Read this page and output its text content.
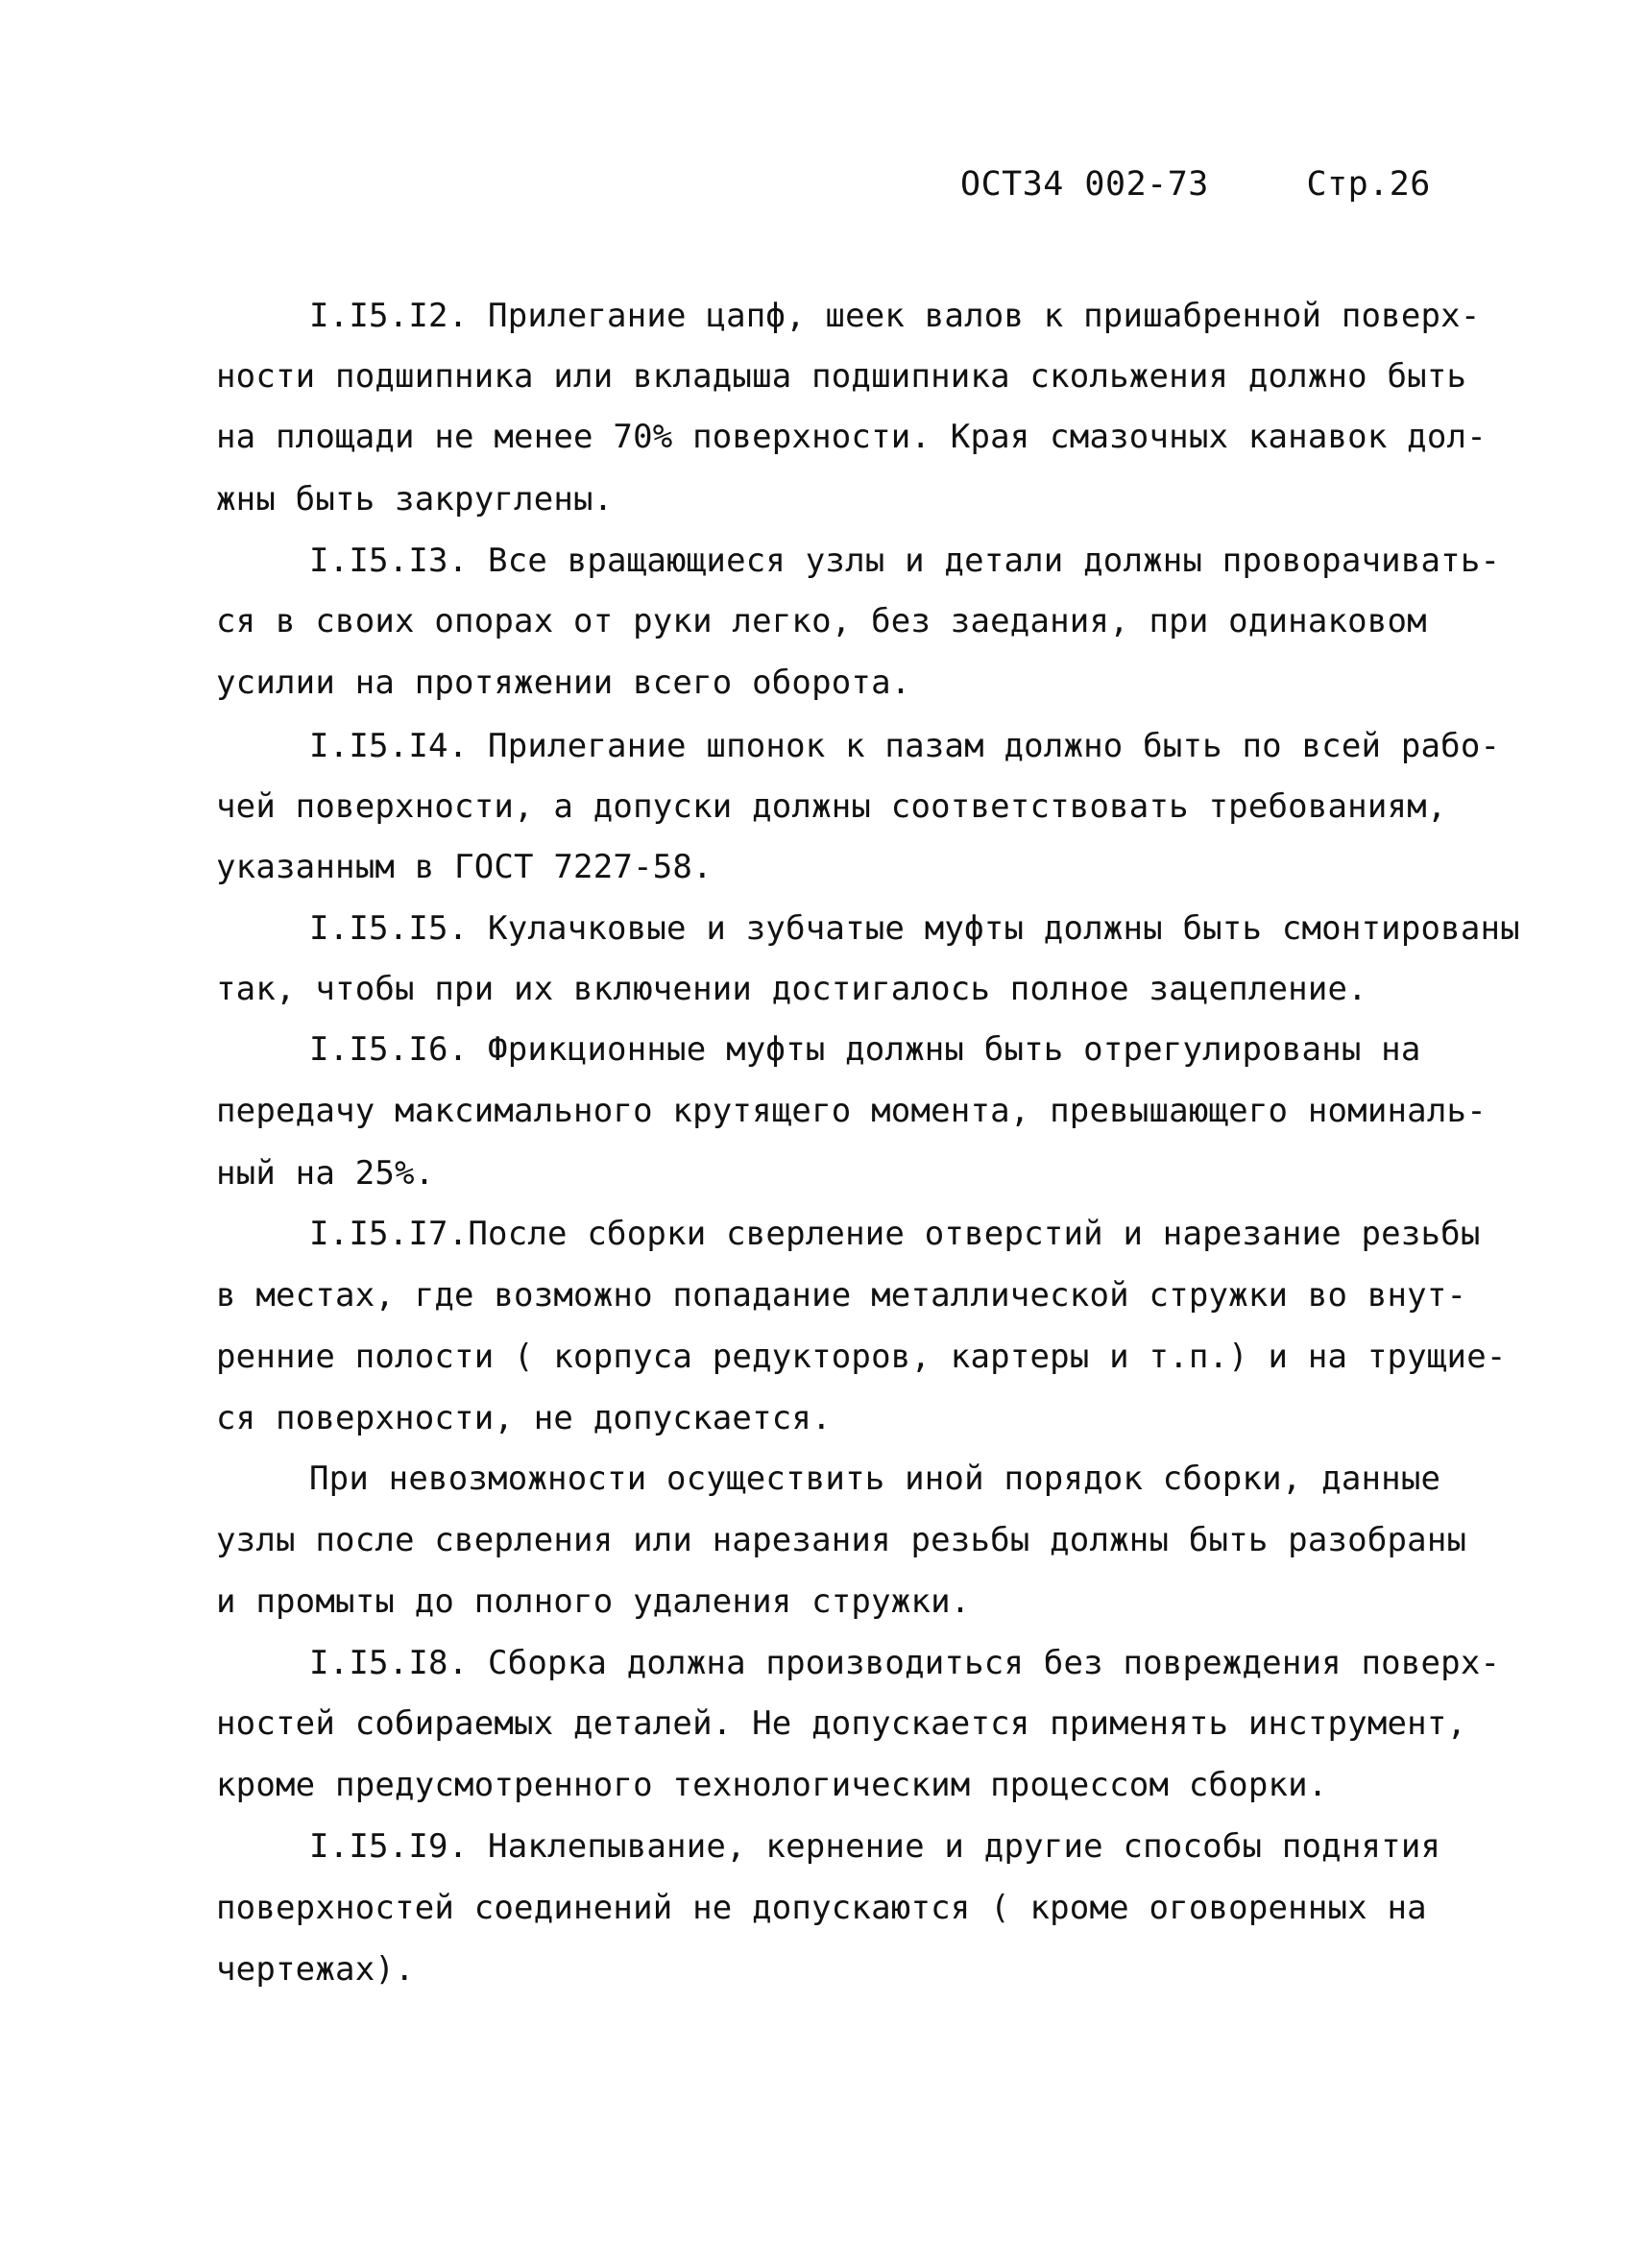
ОСТ34 002-73	Стр.26
I.I5.I2. Прилегание цапф, шеек валов к пришабренной поверх-
ности подшипника или вкладыша подшипника скольжения должно быть
на площади не менее 70% поверхности. Края смазочных канавок дол-
жны быть закруглены.
I.I5.I3. Все вращающиеся узлы и детали должны проворачивать-
ся в своих опорах от руки легко, без заедания, при одинаковом
усилии на протяжении всего оборота.
I.I5.I4. Прилегание шпонок к пазам должно быть по всей рабо-
чей поверхности, а допуски должны соответствовать требованиям,
указанным в ГОСТ 7227-58.
I.I5.I5. Кулачковые и зубчатые муфты должны быть смонтированы
так, чтобы при их включении достигалось полное зацепление.
I.I5.I6. Фрикционные муфты должны быть отрегулированы на
передачу максимального крутящего момента, превышающего номиналь-
ный на 25%.
I.I5.I7.После сборки сверление отверстий и нарезание резьбы
в местах, где возможно попадание металлической стружки во внут-
ренние полости ( корпуса редукторов, картеры и т.п.) и на трущие-
ся поверхности, не допускается.
При невозможности осуществить иной порядок сборки, данные
узлы после сверления или нарезания резьбы должны быть разобраны
и промыты до полного удаления стружки.
I.I5.I8. Сборка должна производиться без повреждения поверх-
ностей собираемых деталей. Не допускается применять инструмент,
кроме предусмотренного технологическим процессом сборки.
I.I5.I9. Наклепывание, кернение и другие способы поднятия
поверхностей соединений не допускаются ( кроме оговоренных на
чертежах).
